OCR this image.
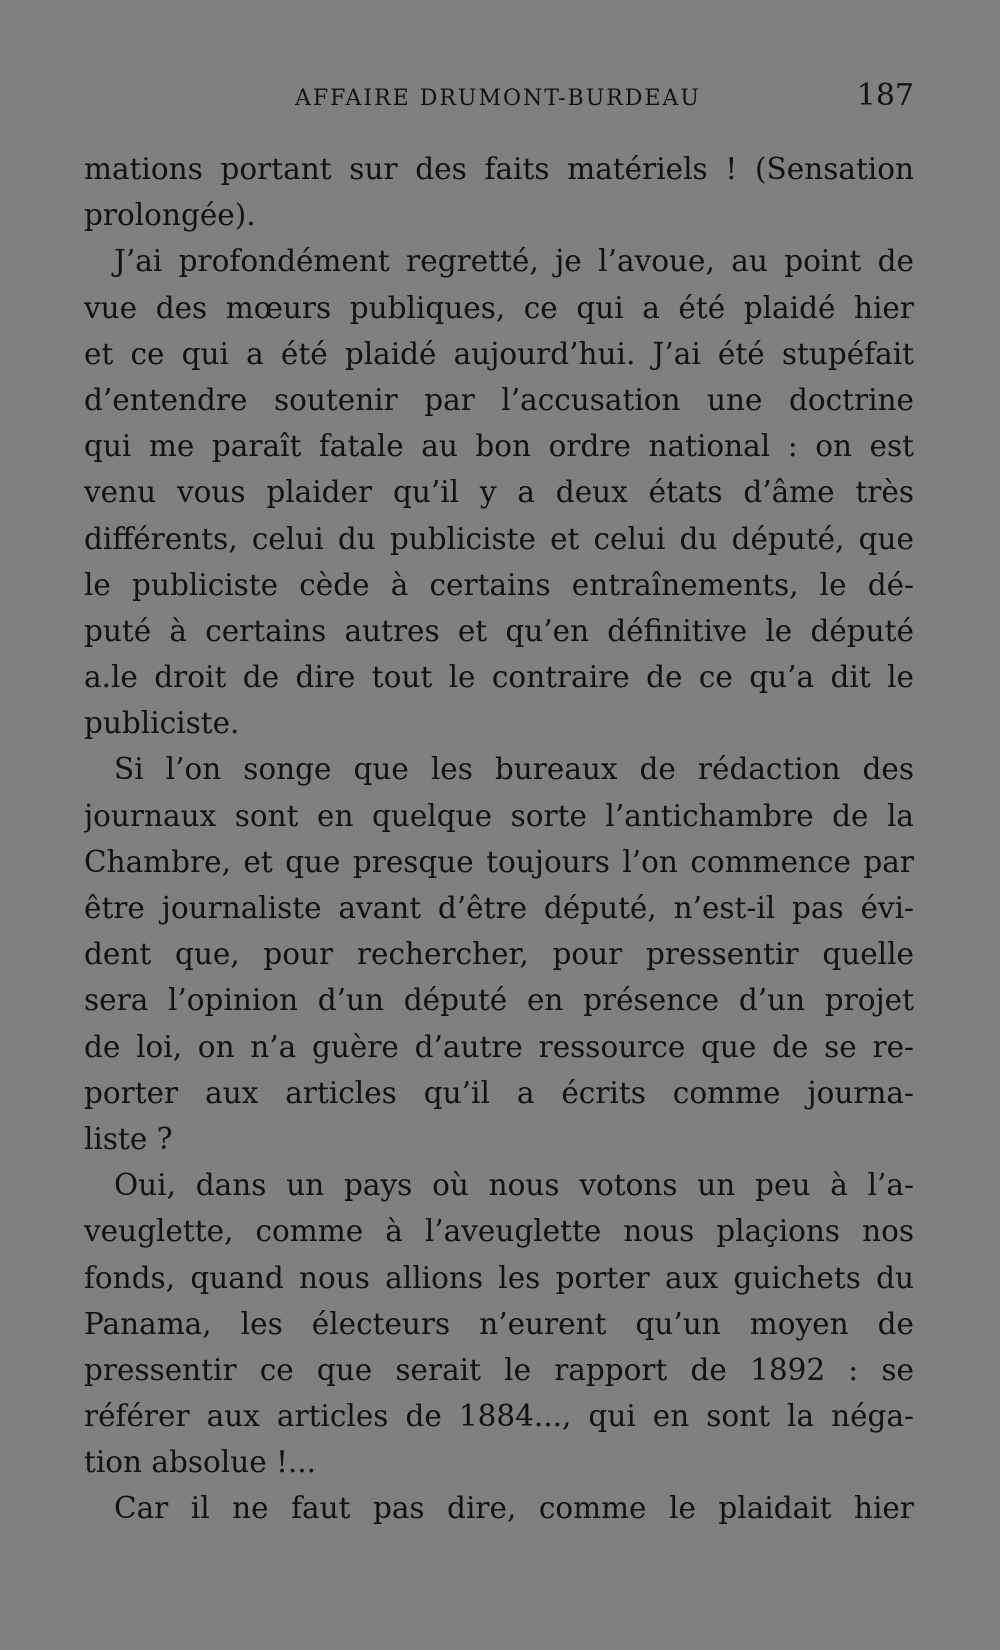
AFFAIRE DRUMONT-BURDEAU	187
mations portant sur des faits matériels ! (Sensation
prolongée).
J’ai profondément regretté, je l’avoue, au point de
vue des mœurs publiques, ce qui a été plaidé hier
et ce qui a été plaidé aujourd’hui. J’ai été stupéfait
d’entendre soutenir par l’accusation une doctrine
qui me paraît fatale au bon ordre national : on est
venu vous plaider qu’il y a deux états d’âme très
différents, celui du publiciste et celui du député, que
le publiciste cède à certains entraînements, le dé-
puté à certains autres et qu’en définitive le député
a.le droit de dire tout le contraire de ce qu’a dit le
publiciste.
Si l’on songe que les bureaux de rédaction des
journaux sont en quelque sorte l’antichambre de la
Chambre, et que presque toujours l’on commence par
être journaliste avant d’être député, n’est-il pas évi-
dent que, pour rechercher, pour pressentir quelle
sera l’opinion d’un député en présence d’un projet
de loi, on n’a guère d’autre ressource que de se re-
porter aux articles qu’il a écrits comme journa-
liste ?
Oui, dans un pays où nous votons un peu à l’a-
veuglette, comme à l’aveuglette nous plaçions nos
fonds, quand nous allions les porter aux guichets du
Panama, les électeurs n’eurent qu’un moyen de
pressentir ce que serait le rapport de 1892 : se
référer aux articles de 1884..., qui en sont la néga-
tion absolue !...
Car il ne faut pas dire, comme le plaidait hier
